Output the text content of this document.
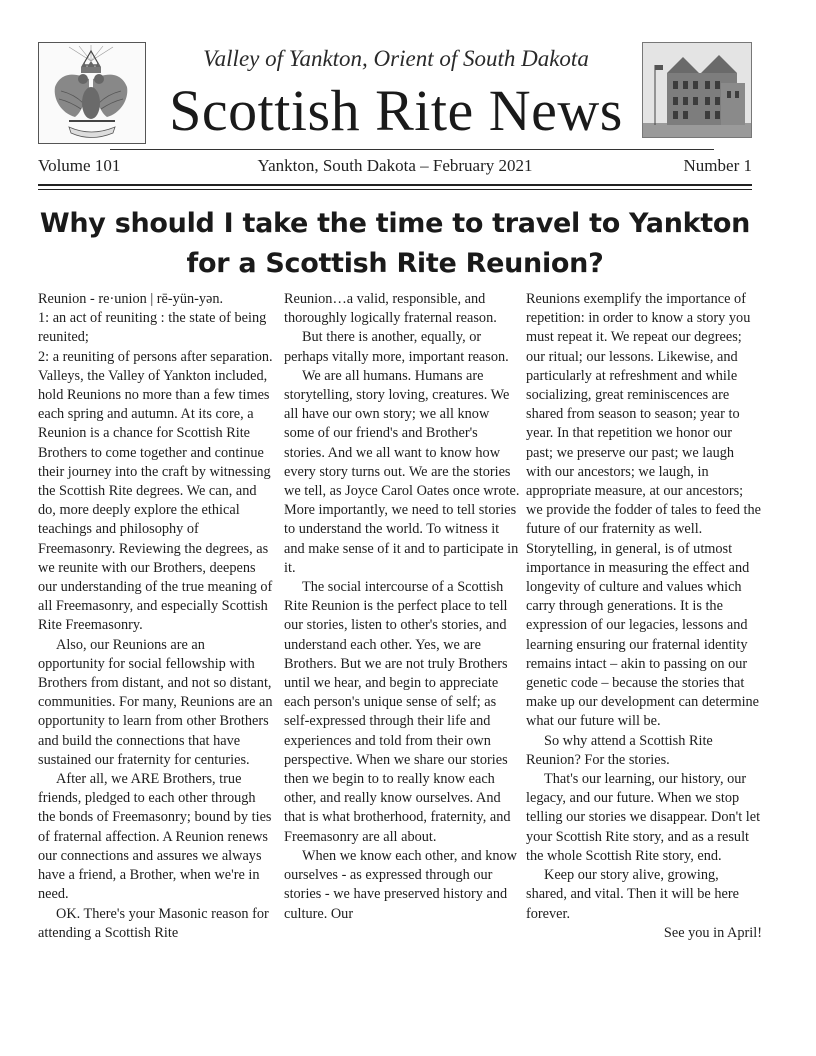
Valley of Yankton, Orient of South Dakota
Scottish Rite News
Volume 101	Yankton, South Dakota – February 2021	Number 1
Why should I take the time to travel to Yankton for a Scottish Rite Reunion?

Reunion - re·union | rē-yün-yən.

1: an act of reuniting : the state of being reunited;

2: a reuniting of persons after separation.

Valleys, the Valley of Yankton included, hold Reunions no more than a few times each spring and autumn. At its core, a Reunion is a chance for Scottish Rite Brothers to come together and continue their journey into the craft by witnessing the Scottish Rite degrees. We can, and do, more deeply explore the ethical teachings and philosophy of Freemasonry. Reviewing the degrees, as we reunite with our Brothers, deepens our understanding of the true meaning of all Freemasonry, and especially Scottish Rite Freemasonry.

Also, our Reunions are an opportunity for social fellowship with Brothers from distant, and not so distant, communities. For many, Reunions are an opportunity to learn from other Brothers and build the connections that have sustained our fraternity for centuries.

After all, we ARE Brothers, true friends, pledged to each other through the bonds of Freemasonry; bound by ties of fraternal affection. A Reunion renews our connections and assures we always have a friend, a Brother, when we're in need.

OK. There's your Masonic reason for attending a Scottish Rite

Reunion…a valid, responsible, and thoroughly logically fraternal reason.

But there is another, equally, or perhaps vitally more, important reason.

We are all humans. Humans are storytelling, story loving, creatures. We all have our own story; we all know some of our friend's and Brother's stories. And we all want to know how every story turns out. We are the stories we tell, as Joyce Carol Oates once wrote. More importantly, we need to tell stories to understand the world. To witness it and make sense of it and to participate in it.

The social intercourse of a Scottish Rite Reunion is the perfect place to tell our stories, listen to other's stories, and understand each other. Yes, we are Brothers. But we are not truly Brothers until we hear, and begin to appreciate each person's unique sense of self; as self-expressed through their life and experiences and told from their own perspective. When we share our stories then we begin to to really know each other, and really know ourselves. And that is what brotherhood, fraternity, and Freemasonry are all about.

When we know each other, and know ourselves - as expressed through our stories - we have preserved history and culture. Our

Reunions exemplify the importance of repetition: in order to know a story you must repeat it. We repeat our degrees; our ritual; our lessons. Likewise, and particularly at refreshment and while socializing, great reminiscences are shared from season to season; year to year. In that repetition we honor our past; we preserve our past; we laugh with our ancestors; we laugh, in appropriate measure, at our ancestors; we provide the fodder of tales to feed the future of our fraternity as well. Storytelling, in general, is of utmost importance in measuring the effect and longevity of culture and values which carry through generations. It is the expression of our legacies, lessons and learning ensuring our fraternal identity remains intact – akin to passing on our genetic code – because the stories that make up our development can determine what our future will be.

So why attend a Scottish Rite Reunion? For the stories.

That's our learning, our history, our legacy, and our future. When we stop telling our stories we disappear. Don't let your Scottish Rite story, and as a result the whole Scottish Rite story, end.

Keep our story alive, growing, shared, and vital. Then it will be here forever.

See you in April!
